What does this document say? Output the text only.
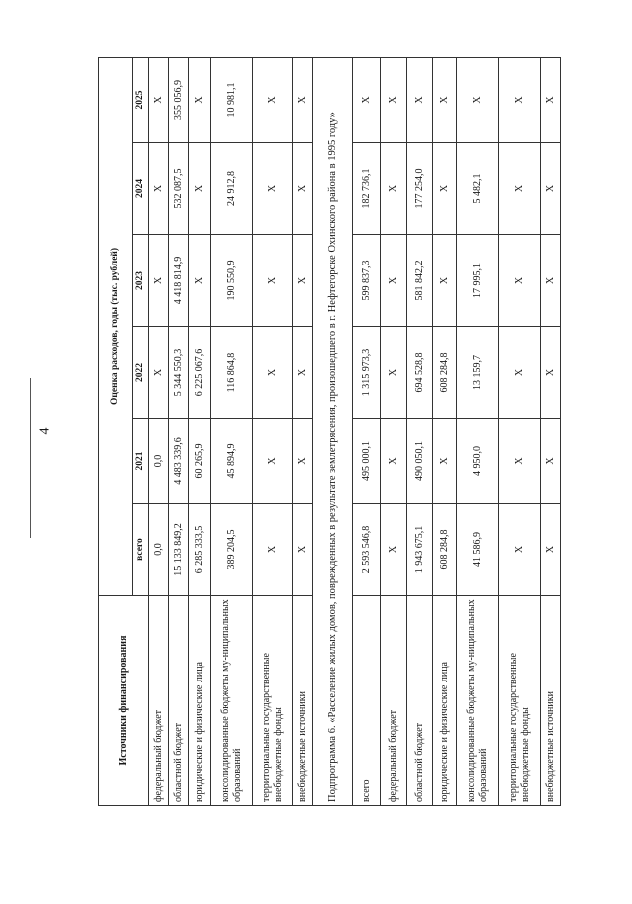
4
Источники финансирования	Оценка расходов, годы (тыс. рублей)					
	всего	2021	2022	2023	2024	2025
федеральный бюджет	0,0	0,0	X	X	X	X
областной бюджет	15 133 849,2	4 483 339,6	5 344 550,3	4 418 814,9	532 087,5	355 056,9
юридические и физические лица	6 285 333,5	60 265,9	6 225 067,6	X	X	X
консолидированные бюджеты му-ниципальных образований	389 204,5	45 894,9	116 864,8	190 550,9	24 912,8	10 981,1
территориальные государственные внебюджетные фонды	X	X	X	X	X	X
внебюджетные источники	X	X	X	X	X	X
Подпрограмма 6. «Расселение жилых домов, поврежденных в результате землетрясения, произошедшего в г. Нефтегорске Охинского района в 1995 году»						
всего	2 593 546,8	495 000,1	1 315 973,3	599 837,3	182 736,1	X
федеральный бюджет	X	X	X	X	X	X
областной бюджет	1 943 675,1	490 050,1	694 528,8	581 842,2	177 254,0	X
юридические и физические лица	608 284,8	X	608 284,8	X	X	X
консолидированные бюджеты му-ниципальных образований	41 586,9	4 950,0	13 159,7	17 995,1	5 482,1	X
территориальные государственные внебюджетные фонды	X	X	X	X	X	X
внебюджетные источники	X	X	X	X	X	X
